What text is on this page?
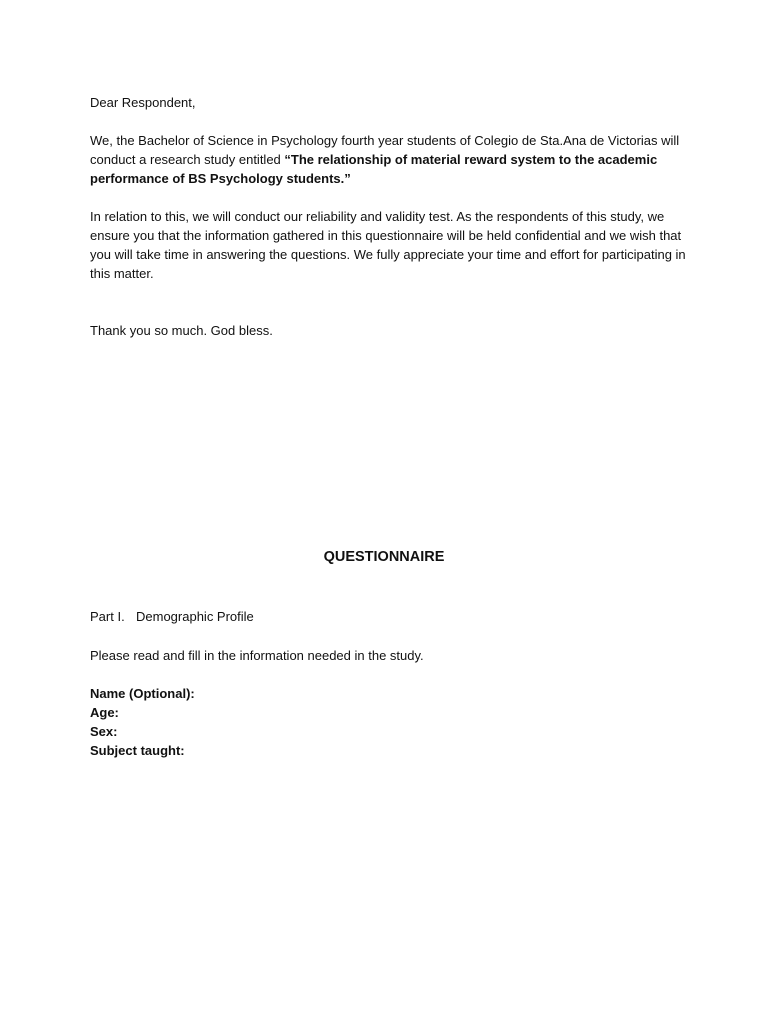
Dear Respondent,

We, the Bachelor of Science in Psychology fourth year students of Colegio de Sta.Ana de Victorias will conduct a research study entitled “The relationship of material reward system to the academic performance of BS Psychology students.”

In relation to this, we will conduct our reliability and validity test. As the respondents of this study, we ensure you that the information gathered in this questionnaire will be held confidential and we wish that you will take time in answering the questions. We fully appreciate your time and effort for participating in this matter.

Thank you so much. God bless.

QUESTIONNAIRE

Part I. Demographic Profile

Please read and fill in the information needed in the study.

Name (Optional):
Age:
Sex:
Subject taught:
